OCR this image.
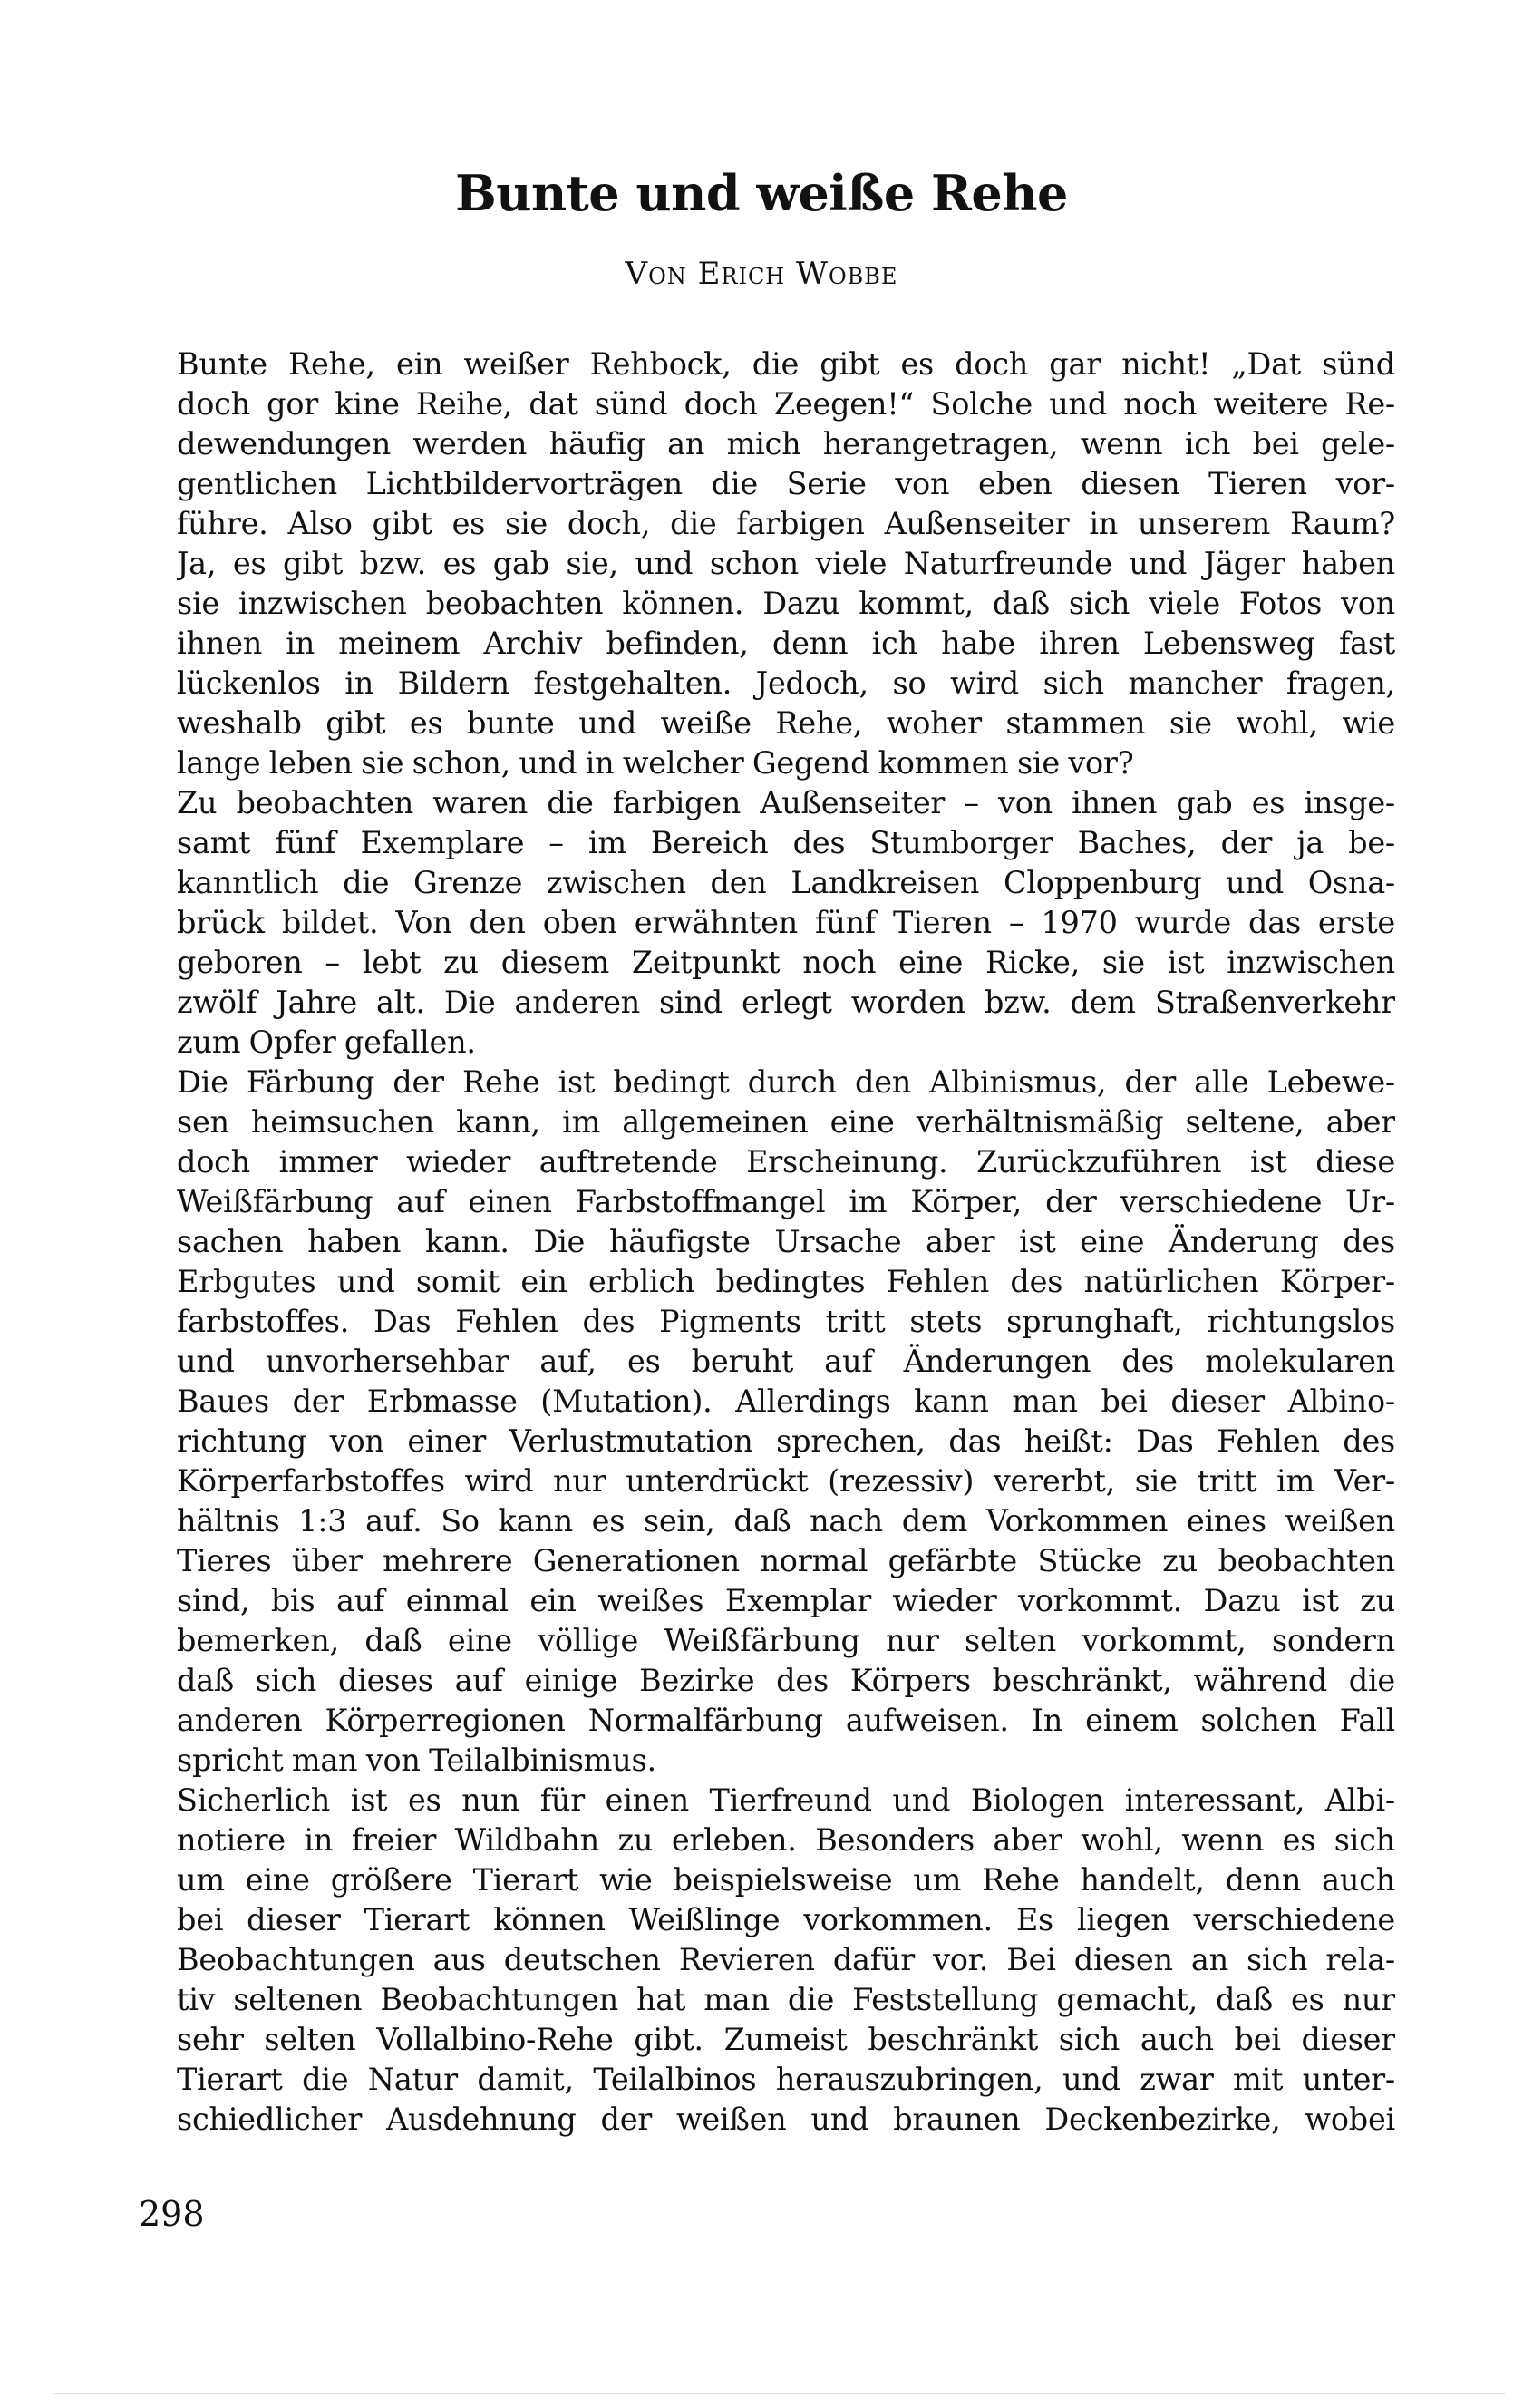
Bunte und weiße Rehe
Von Erich Wobbe
Bunte Rehe, ein weißer Rehbock, die gibt es doch gar nicht! „Dat sünd
doch gor kine Reihe, dat sünd doch Zeegen!“ Solche und noch weitere Re-
dewendungen werden häufig an mich herangetragen, wenn ich bei gele-
gentlichen Lichtbildervorträgen die Serie von eben diesen Tieren vor-
führe. Also gibt es sie doch, die farbigen Außenseiter in unserem Raum?
Ja, es gibt bzw. es gab sie, und schon viele Naturfreunde und Jäger haben
sie inzwischen beobachten können. Dazu kommt, daß sich viele Fotos von
ihnen in meinem Archiv befinden, denn ich habe ihren Lebensweg fast
lückenlos in Bildern festgehalten. Jedoch, so wird sich mancher fragen,
weshalb gibt es bunte und weiße Rehe, woher stammen sie wohl, wie
lange leben sie schon, und in welcher Gegend kommen sie vor?
Zu beobachten waren die farbigen Außenseiter – von ihnen gab es insge-
samt fünf Exemplare – im Bereich des Stumborger Baches, der ja be-
kanntlich die Grenze zwischen den Landkreisen Cloppenburg und Osna-
brück bildet. Von den oben erwähnten fünf Tieren – 1970 wurde das erste
geboren – lebt zu diesem Zeitpunkt noch eine Ricke, sie ist inzwischen
zwölf Jahre alt. Die anderen sind erlegt worden bzw. dem Straßenverkehr
zum Opfer gefallen.
Die Färbung der Rehe ist bedingt durch den Albinismus, der alle Lebewe-
sen heimsuchen kann, im allgemeinen eine verhältnismäßig seltene, aber
doch immer wieder auftretende Erscheinung. Zurückzuführen ist diese
Weißfärbung auf einen Farbstoffmangel im Körper, der verschiedene Ur-
sachen haben kann. Die häufigste Ursache aber ist eine Änderung des
Erbgutes und somit ein erblich bedingtes Fehlen des natürlichen Körper-
farbstoffes. Das Fehlen des Pigments tritt stets sprunghaft, richtungslos
und unvorhersehbar auf, es beruht auf Änderungen des molekularen
Baues der Erbmasse (Mutation). Allerdings kann man bei dieser Albino-
richtung von einer Verlustmutation sprechen, das heißt: Das Fehlen des
Körperfarbstoffes wird nur unterdrückt (rezessiv) vererbt, sie tritt im Ver-
hältnis 1:3 auf. So kann es sein, daß nach dem Vorkommen eines weißen
Tieres über mehrere Generationen normal gefärbte Stücke zu beobachten
sind, bis auf einmal ein weißes Exemplar wieder vorkommt. Dazu ist zu
bemerken, daß eine völlige Weißfärbung nur selten vorkommt, sondern
daß sich dieses auf einige Bezirke des Körpers beschränkt, während die
anderen Körperregionen Normalfärbung aufweisen. In einem solchen Fall
spricht man von Teilalbinismus.
Sicherlich ist es nun für einen Tierfreund und Biologen interessant, Albi-
notiere in freier Wildbahn zu erleben. Besonders aber wohl, wenn es sich
um eine größere Tierart wie beispielsweise um Rehe handelt, denn auch
bei dieser Tierart können Weißlinge vorkommen. Es liegen verschiedene
Beobachtungen aus deutschen Revieren dafür vor. Bei diesen an sich rela-
tiv seltenen Beobachtungen hat man die Feststellung gemacht, daß es nur
sehr selten Vollalbino-Rehe gibt. Zumeist beschränkt sich auch bei dieser
Tierart die Natur damit, Teilalbinos herauszubringen, und zwar mit unter-
schiedlicher Ausdehnung der weißen und braunen Deckenbezirke, wobei
298
